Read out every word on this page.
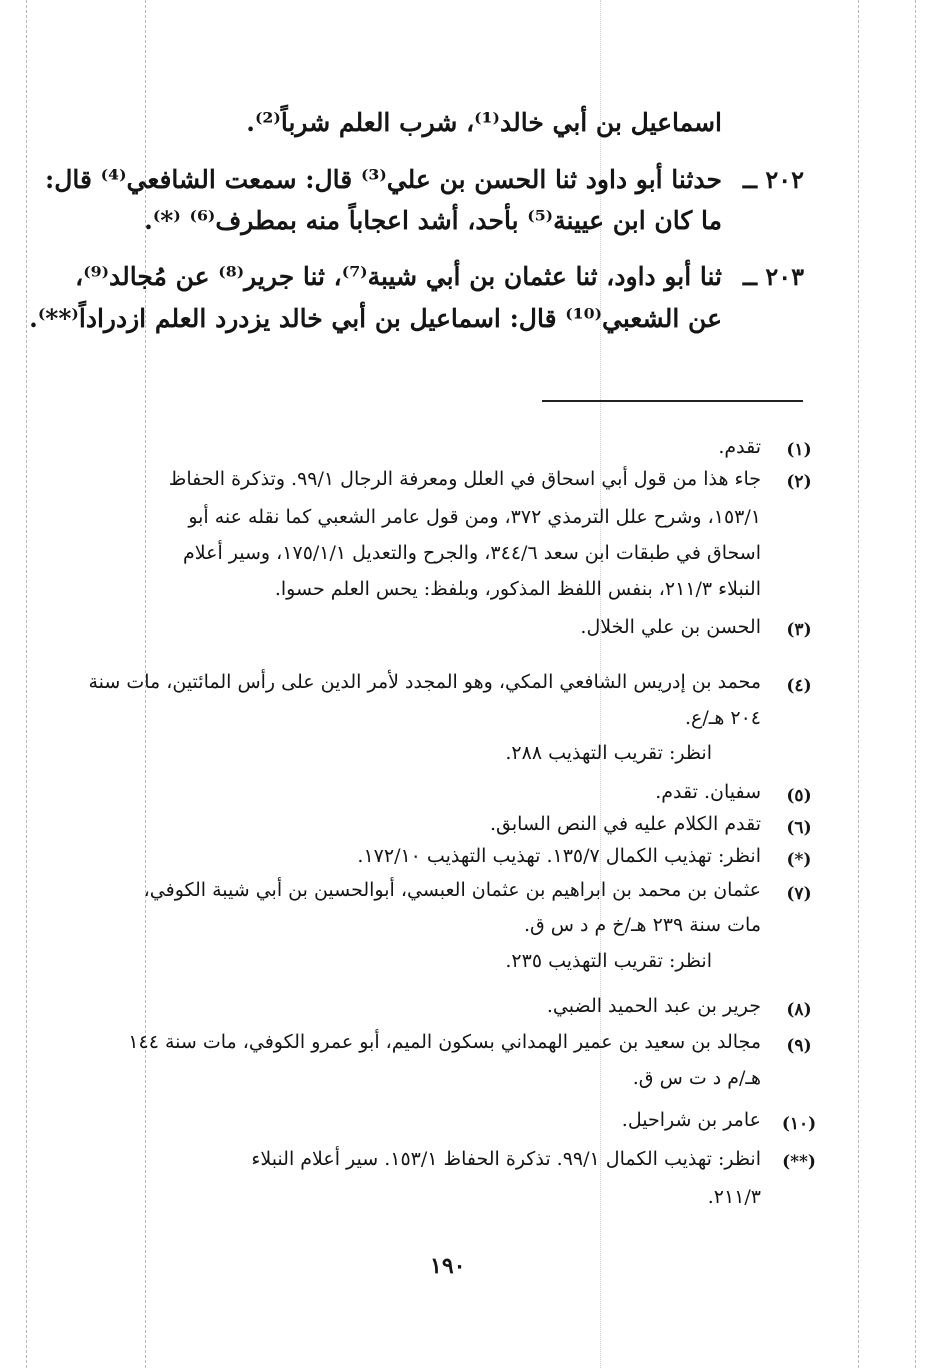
اسماعيل بن أبي خالد⁽¹⁾، شرب العلم شرباً⁽²⁾.
٢٠٢ ــ
حدثنا أبو داود ثنا الحسن بن علي⁽³⁾ قال: سمعت الشافعي⁽⁴⁾ قال:
ما كان ابن عيينة⁽⁵⁾ بأحد، أشد اعجاباً منه بمطرف⁽⁶⁾ ⁽*⁾.
٢٠٣ ــ
ثنا أبو داود، ثنا عثمان بن أبي شيبة⁽⁷⁾، ثنا جرير⁽⁸⁾ عن مُجالد⁽⁹⁾،
عن الشعبي⁽¹⁰⁾ قال: اسماعيل بن أبي خالد يزدرد العلم ازدراداً⁽**⁾.
(١)
تقدم.
(٢)
جاء هذا من قول أبي اسحاق في العلل ومعرفة الرجال ٩٩/١. وتذكرة الحفاظ
١٥٣/١، وشرح علل الترمذي ٣٧٢، ومن قول عامر الشعبي كما نقله عنه أبو
اسحاق في طبقات ابن سعد ٣٤٤/٦، والجرح والتعديل ١٧٥/١/١، وسير أعلام
النبلاء ٢١١/٣، بنفس اللفظ المذكور، وبلفظ: يحس العلم حسوا.
(٣)
الحسن بن علي الخلال.
(٤)
محمد بن إدريس الشافعي المكي، وهو المجدد لأمر الدين على رأس المائتين، مات سنة
٢٠٤ هـ/ع.
انظر: تقريب التهذيب ٢٨٨.
(٥)
سفيان. تقدم.
(٦)
تقدم الكلام عليه في النص السابق.
(*)
انظر: تهذيب الكمال ١٣٥/٧. تهذيب التهذيب ١٧٢/١٠.
(٧)
عثمان بن محمد بن ابراهيم بن عثمان العبسي، أبوالحسين بن أبي شيبة الكوفي،
مات سنة ٢٣٩ هـ/خ م د س ق.
انظر: تقريب التهذيب ٢٣٥.
(٨)
جرير بن عبد الحميد الضبي.
(٩)
مجالد بن سعيد بن عمير الهمداني بسكون الميم، أبو عمرو الكوفي، مات سنة ١٤٤
هـ/م د ت س ق.
(١٠)
عامر بن شراحيل.
(**)
انظر: تهذيب الكمال ٩٩/١. تذكرة الحفاظ ١٥٣/١. سير أعلام النبلاء
٢١١/٣.
١٩٠
